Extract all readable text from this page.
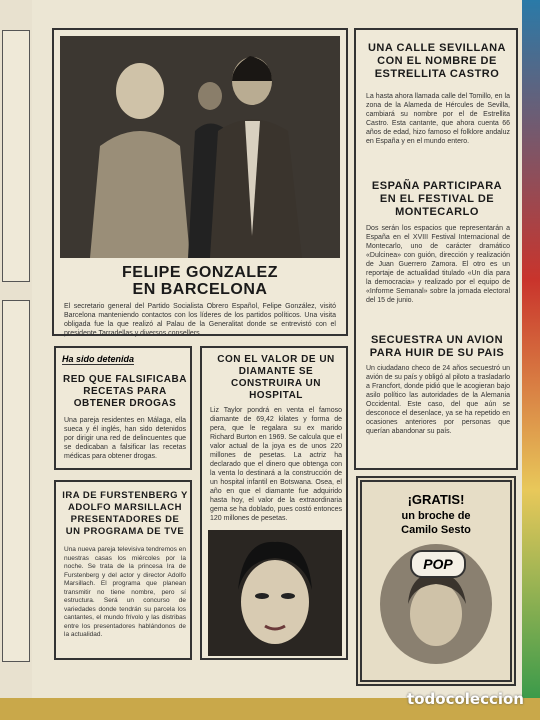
FELIPE GONZALEZ
EN BARCELONA
El secretario general del Partido Socialista Obrero Español, Felipe González, visitó Barcelona manteniendo contactos con los líderes de los partidos políticos. Una visita obligada fue la que realizó al Palau de la Generalitat donde se entrevistó con el presidente Tarradellas y diversos consellers.
UNA CALLE SEVILLANA CON EL NOMBRE DE ESTRELLITA CASTRO
La hasta ahora llamada calle del Tomillo, en la zona de la Alameda de Hércules de Sevilla, cambiará su nombre por el de Estrellita Castro. Esta cantante, que ahora cuenta 66 años de edad, hizo famoso el folklore andaluz en España y en el mundo entero.
ESPAÑA PARTICIPARA EN EL FESTIVAL DE MONTECARLO
Dos serán los espacios que representarán a España en el XVIII Festival Internacional de Montecarlo, uno de carácter dramático «Dulcinea» con guión, dirección y realización de Juan Guerrero Zamora. El otro es un reportaje de actualidad titulado «Un día para la democracia» y realizado por el equipo de «Informe Semanal» sobre la jornada electoral del 15 de junio.
SECUESTRA UN AVION PARA HUIR DE SU PAIS
Un ciudadano checo de 24 años secuestró un avión de su país y obligó al piloto a trasladarlo a Francfort, donde pidió que le acogieran bajo asilo político las autoridades de la Alemania Occidental. Este caso, del que aún se desconoce el desenlace, ya se ha repetido en ocasiones anteriores por personas que querían abandonar su país.
Ha sido detenida
RED QUE FALSIFICABA RECETAS PARA OBTENER DROGAS
Una pareja residentes en Málaga, ella sueca y él inglés, han sido detenidos por dirigir una red de delincuentes que se dedicaban a falsificar las recetas médicas para obtener drogas.
CON EL VALOR DE UN DIAMANTE SE CONSTRUIRA UN HOSPITAL
Liz Taylor pondrá en venta el famoso diamante de 69,42 kilates y forma de pera, que le regalara su ex marido Richard Burton en 1969. Se calcula que el valor actual de la joya es de unos 220 millones de pesetas. La actriz ha declarado que el dinero que obtenga con la venta lo destinará a la construcción de un hospital infantil en Botswana. Osea, el año en que el diamante fue adquirido hasta hoy, el valor de la extraordinaria gema se ha doblado, pues costó entonces 120 millones de pesetas.
IRA DE FURSTENBERG Y ADOLFO MARSILLACH PRESENTADORES DE UN PROGRAMA DE TVE
Una nueva pareja televisiva tendremos en nuestras casas los miércoles por la noche. Se trata de la princesa Ira de Furstenberg y del actor y director Adolfo Marsillach. El programa que planean transmitir no tiene nombre, pero sí estructura. Será un concurso de variedades donde tendrán su parcela los cantantes, el mundo frívolo y las distribas entre los presentadores hablándonos de la actualidad.
¡GRATIS!
un broche de
Camilo Sesto
POP
todocoleccion
